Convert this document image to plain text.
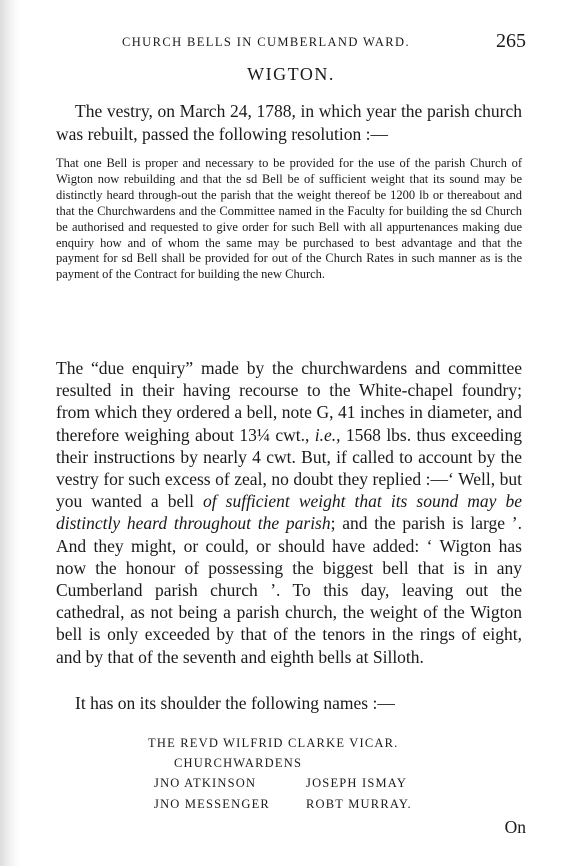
CHURCH BELLS IN CUMBERLAND WARD.	265
WIGTON.

The vestry, on March 24, 1788, in which year the parish church was rebuilt, passed the following resolution :—

That one Bell is proper and necessary to be provided for the use of the parish Church of Wigton now rebuilding and that the sd Bell be of sufficient weight that its sound may be distinctly heard through-out the parish that the weight thereof be 1200 lb or thereabout and that the Churchwardens and the Committee named in the Faculty for building the sd Church be authorised and requested to give order for such Bell with all appurtenances making due enquiry how and of whom the same may be purchased to best advantage and that the payment for sd Bell shall be provided for out of the Church Rates in such manner as is the payment of the Contract for building the new Church.

The “due enquiry” made by the churchwardens and committee resulted in their having recourse to the White-chapel foundry; from which they ordered a bell, note G, 41 inches in diameter, and therefore weighing about 13¼ cwt., i.e., 1568 lbs. thus exceeding their instructions by nearly 4 cwt. But, if called to account by the vestry for such excess of zeal, no doubt they replied :—‘ Well, but you wanted a bell of sufficient weight that its sound may be distinctly heard throughout the parish; and the parish is large ’. And they might, or could, or should have added: ‘ Wigton has now the honour of possessing the biggest bell that is in any Cumberland parish church ’. To this day, leaving out the cathedral, as not being a parish church, the weight of the Wigton bell is only exceeded by that of the tenors in the rings of eight, and by that of the seventh and eighth bells at Silloth.

It has on its shoulder the following names :—

THE REVD WILFRID CLARKE VICAR.
CHURCHWARDENS
JNO ATKINSON	JOSEPH ISMAY
JNO MESSENGER	ROBT MURRAY.
On
